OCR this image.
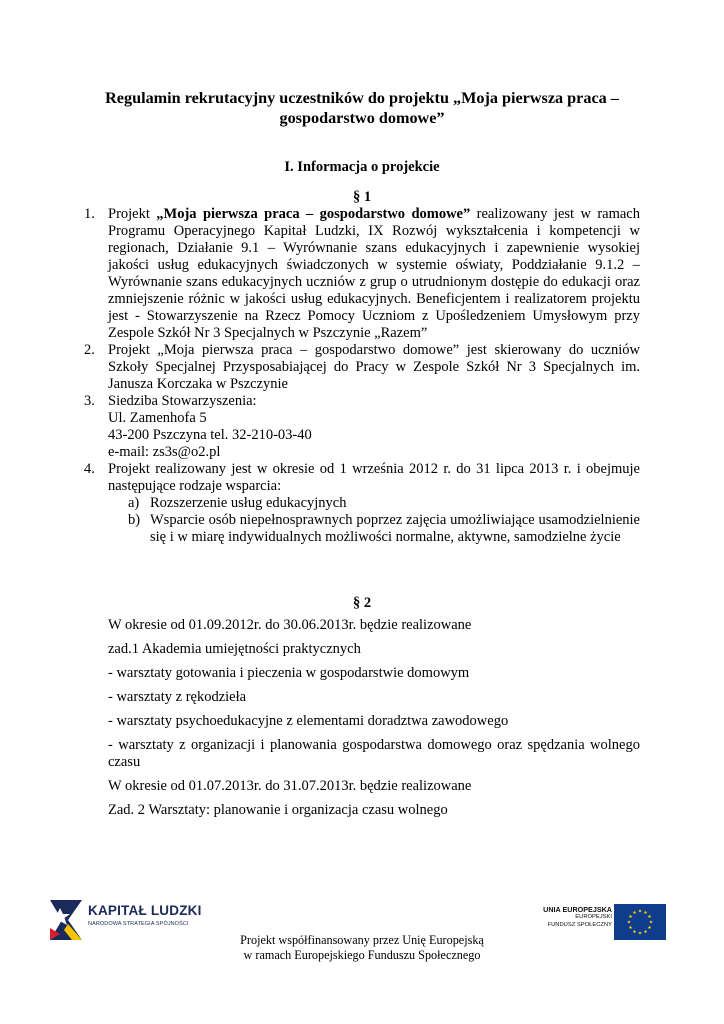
Regulamin rekrutacyjny uczestników do projektu „Moja pierwsza praca –
gospodarstwo domowe”
I. Informacja o projekcie
§ 1
1. Projekt „Moja pierwsza praca – gospodarstwo domowe” realizowany jest w ramach Programu Operacyjnego Kapitał Ludzki, IX Rozwój wykształcenia i kompetencji w regionach, Działanie 9.1 – Wyrównanie szans edukacyjnych i zapewnienie wysokiej jakości usług edukacyjnych świadczonych w systemie oświaty, Poddziałanie 9.1.2 – Wyrównanie szans edukacyjnych uczniów z grup o utrudnionym dostępie do edukacji oraz zmniejszenie różnic w jakości usług edukacyjnych. Beneficjentem i realizatorem projektu jest - Stowarzyszenie na Rzecz Pomocy Uczniom z Upośledzeniem Umysłowym przy Zespole Szkół Nr 3 Specjalnych w Pszczynie „Razem”
2. Projekt „Moja pierwsza praca – gospodarstwo domowe” jest skierowany do uczniów Szkoły Specjalnej Przysposabiającej do Pracy w Zespole Szkół Nr 3 Specjalnych im. Janusza Korczaka w Pszczynie
3. Siedziba Stowarzyszenia:
Ul. Zamenhofa 5
43-200 Pszczyna tel. 32-210-03-40
e-mail: zs3s@o2.pl
4. Projekt realizowany jest w okresie od 1 września 2012 r. do 31 lipca 2013 r. i obejmuje następujące rodzaje wsparcia:
a) Rozszerzenie usług edukacyjnych
b) Wsparcie osób niepełnosprawnych poprzez zajęcia umożliwiające usamodzielnienie się i w miarę indywidualnych możliwości normalne, aktywne, samodzielne życie
§ 2
W okresie od 01.09.2012r. do 30.06.2013r. będzie realizowane
zad.1 Akademia umiejętności praktycznych
- warsztaty gotowania i pieczenia w gospodarstwie domowym
- warsztaty z rękodzieła
- warsztaty psychoedukacyjne z elementami doradztwa zawodowego
- warsztaty z organizacji i planowania gospodarstwa domowego oraz spędzania wolnego czasu
W okresie od 01.07.2013r. do 31.07.2013r. będzie realizowane
Zad. 2 Warsztaty: planowanie i organizacja czasu wolnego
KAPITAŁ LUDZKI
NARODOWA STRATEGIA SPÓJNOŚCI
Projekt współfinansowany przez Unię Europejską
w ramach Europejskiego Funduszu Społecznego
UNIA EUROPEJSKA
EUROPEJSKI
FUNDUSZ SPOŁECZNY
